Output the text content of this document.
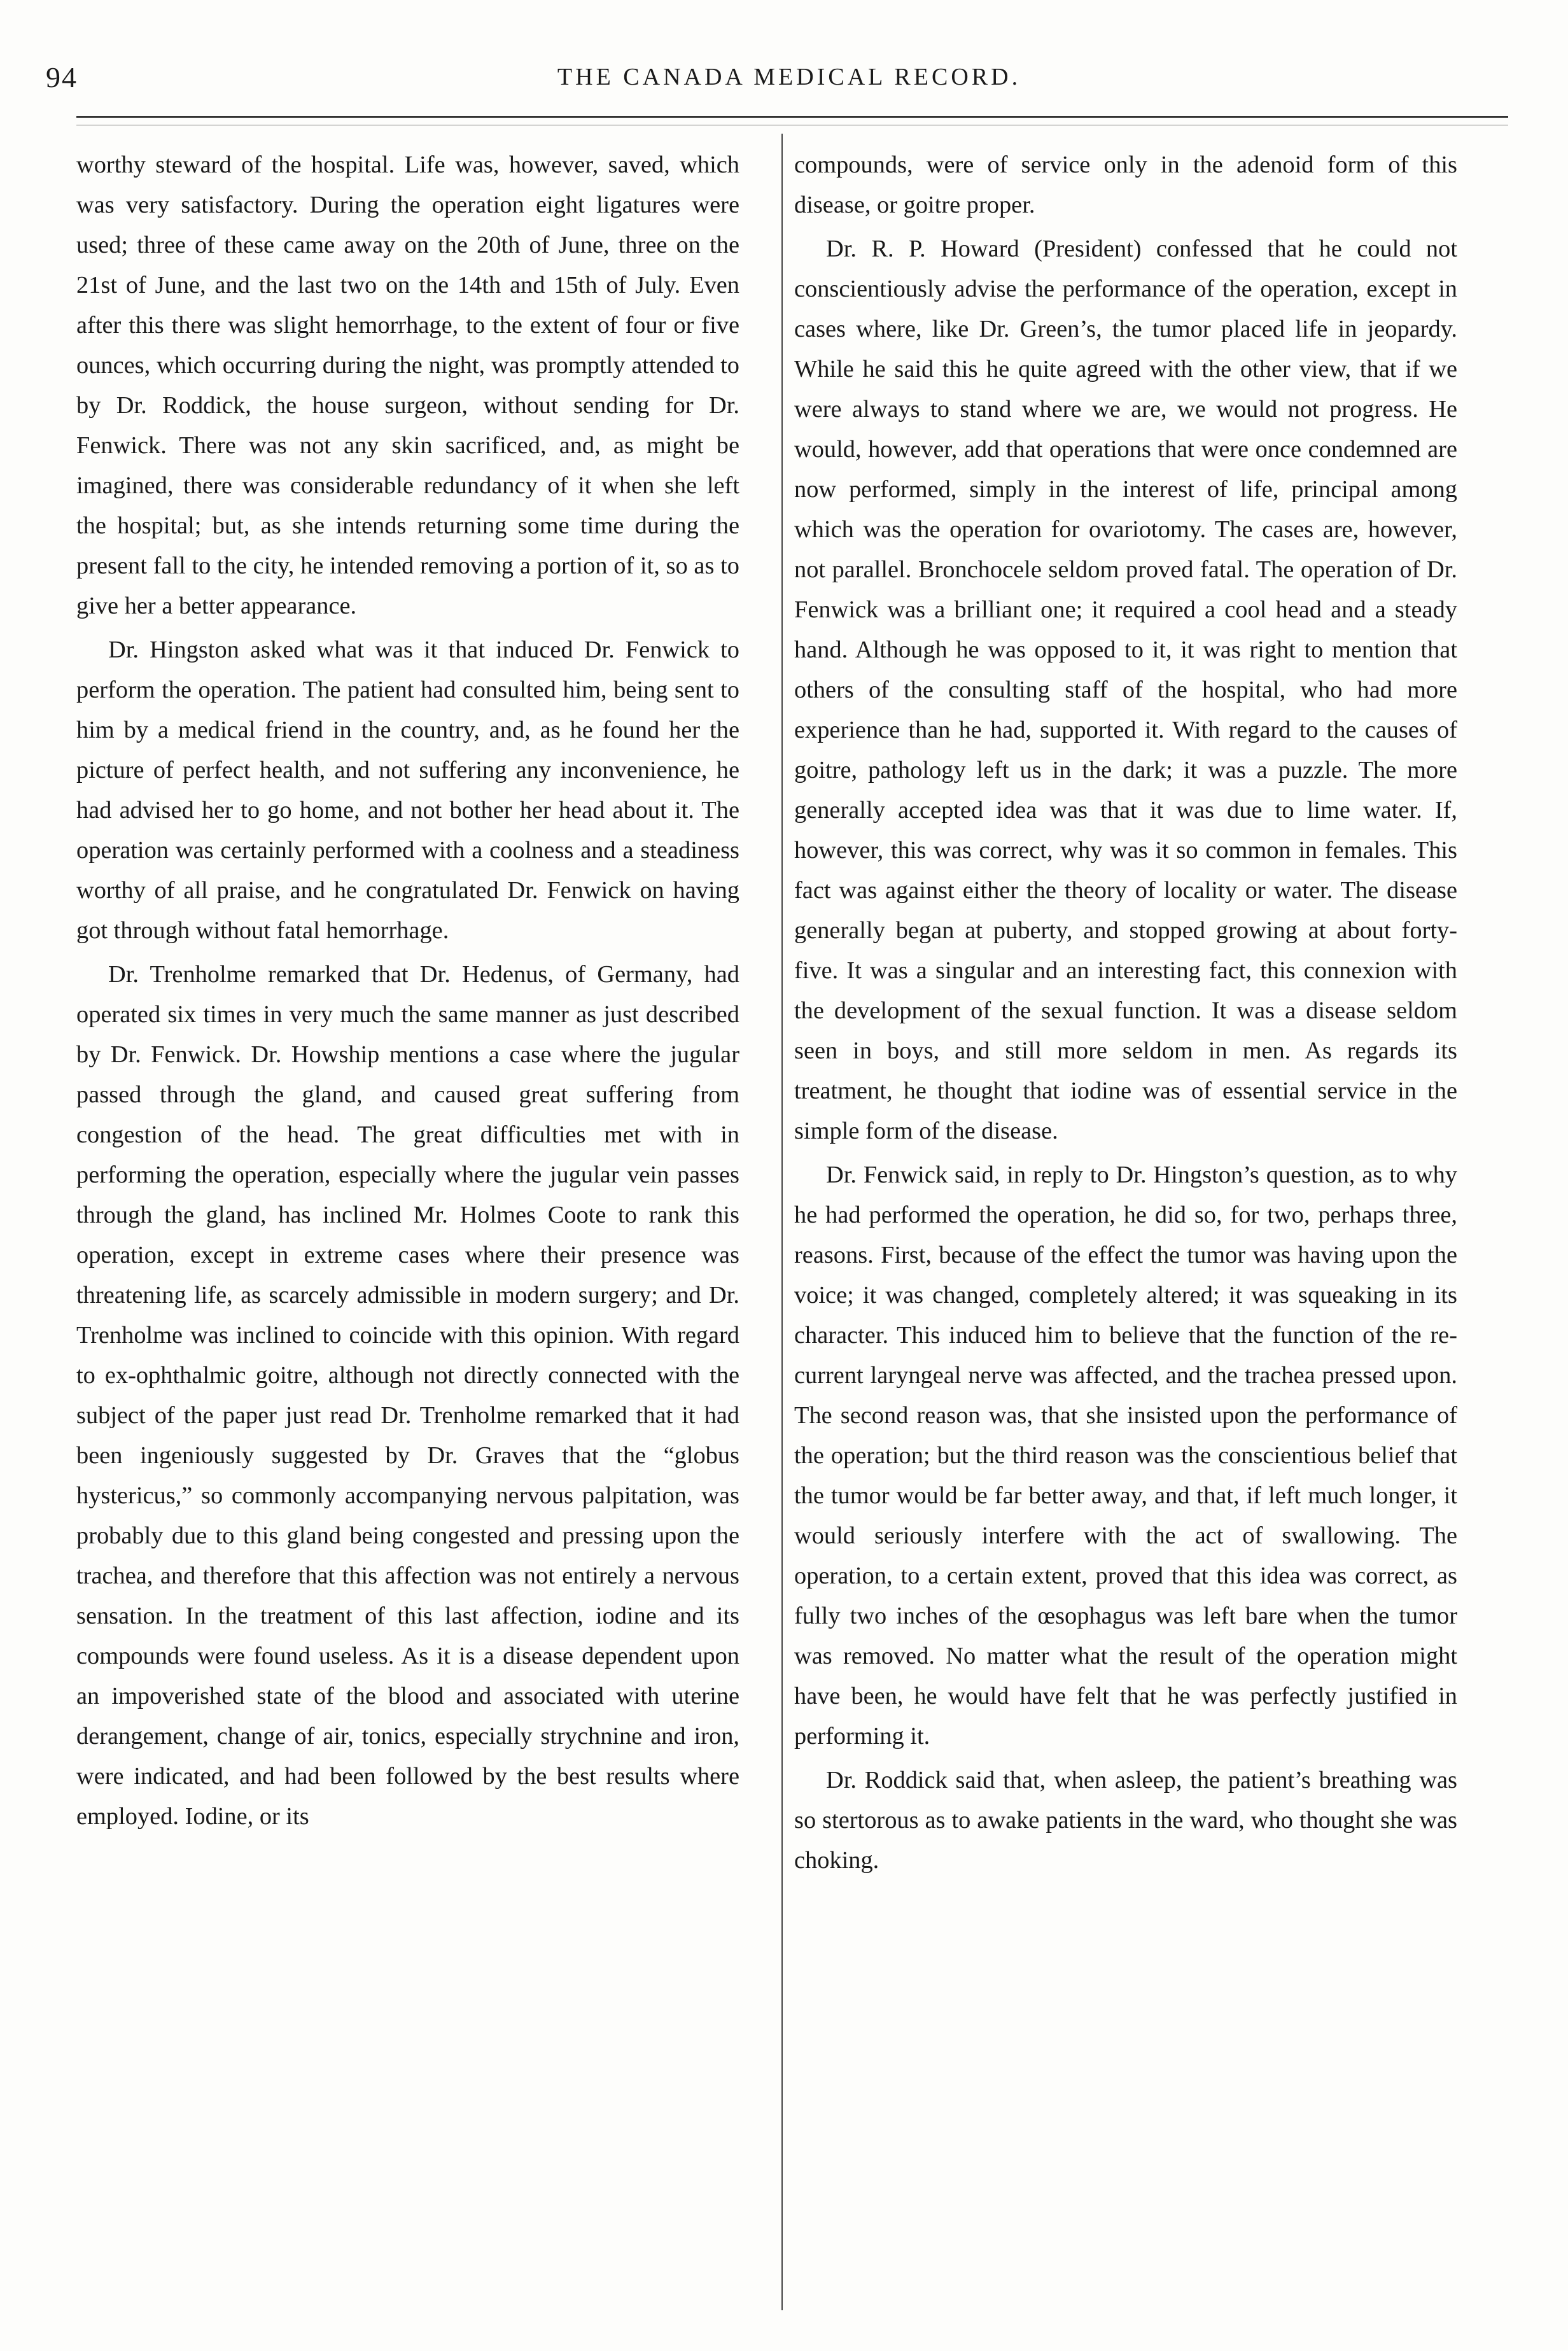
94	THE CANADA MEDICAL RECORD.

worthy steward of the hospital. Life was, however, saved, which was very satisfactory. During the operation eight ligatures were used; three of these came away on the 20th of June, three on the 21st of June, and the last two on the 14th and 15th of July. Even after this there was slight hemorrhage, to the extent of four or five ounces, which occurring during the night, was promptly attended to by Dr. Roddick, the house surgeon, without sending for Dr. Fenwick. There was not any skin sacrificed, and, as might be imagined, there was considerable redundancy of it when she left the hospital; but, as she intends returning some time during the present fall to the city, he intended removing a portion of it, so as to give her a better appearance.

Dr. Hingston asked what was it that induced Dr. Fenwick to perform the operation. The patient had consulted him, being sent to him by a medical friend in the country, and, as he found her the picture of perfect health, and not suffering any inconvenience, he had advised her to go home, and not bother her head about it. The operation was certainly performed with a coolness and a steadiness worthy of all praise, and he congratulated Dr. Fenwick on having got through without fatal hemorrhage.

Dr. Trenholme remarked that Dr. Hedenus, of Germany, had operated six times in very much the same manner as just described by Dr. Fenwick. Dr. Howship mentions a case where the jugular passed through the gland, and caused great suffering from congestion of the head. The great difficulties met with in performing the operation, especially where the jugular vein passes through the gland, has inclined Mr. Holmes Coote to rank this operation, except in extreme cases where their presence was threatening life, as scarcely admissible in modern surgery; and Dr. Trenholme was inclined to coincide with this opinion. With regard to ex-ophthalmic goitre, although not directly connected with the subject of the paper just read Dr. Trenholme remarked that it had been ingeniously suggested by Dr. Graves that the “globus hystericus,” so commonly accompanying nervous palpitation, was probably due to this gland being congested and pressing upon the trachea, and therefore that this affection was not entirely a nervous sensation. In the treatment of this last affection, iodine and its compounds were found useless. As it is a disease dependent upon an impoverished state of the blood and associated with uterine derangement, change of air, tonics, especially strychnine and iron, were indicated, and had been followed by the best results where employed. Iodine, or its

compounds, were of service only in the adenoid form of this disease, or goitre proper.

Dr. R. P. Howard (President) confessed that he could not conscientiously advise the performance of the operation, except in cases where, like Dr. Green’s, the tumor placed life in jeopardy. While he said this he quite agreed with the other view, that if we were always to stand where we are, we would not progress. He would, however, add that operations that were once condemned are now performed, simply in the interest of life, principal among which was the operation for ovariotomy. The cases are, however, not parallel. Bronchocele seldom proved fatal. The operation of Dr. Fenwick was a brilliant one; it required a cool head and a steady hand. Although he was opposed to it, it was right to mention that others of the consulting staff of the hospital, who had more experience than he had, supported it. With regard to the causes of goitre, pathology left us in the dark; it was a puzzle. The more generally accepted idea was that it was due to lime water. If, however, this was correct, why was it so common in females. This fact was against either the theory of locality or water. The disease generally began at puberty, and stopped growing at about forty-five. It was a singular and an interesting fact, this connexion with the development of the sexual function. It was a disease seldom seen in boys, and still more seldom in men. As regards its treatment, he thought that iodine was of essential service in the simple form of the disease.

Dr. Fenwick said, in reply to Dr. Hingston’s question, as to why he had performed the operation, he did so, for two, perhaps three, reasons. First, because of the effect the tumor was having upon the voice; it was changed, completely altered; it was squeaking in its character. This induced him to believe that the function of the re-current laryngeal nerve was affected, and the trachea pressed upon. The second reason was, that she insisted upon the performance of the operation; but the third reason was the conscientious belief that the tumor would be far better away, and that, if left much longer, it would seriously interfere with the act of swallowing. The operation, to a certain extent, proved that this idea was correct, as fully two inches of the œsophagus was left bare when the tumor was removed. No matter what the result of the operation might have been, he would have felt that he was perfectly justified in performing it.

Dr. Roddick said that, when asleep, the patient’s breathing was so stertorous as to awake patients in the ward, who thought she was choking.
